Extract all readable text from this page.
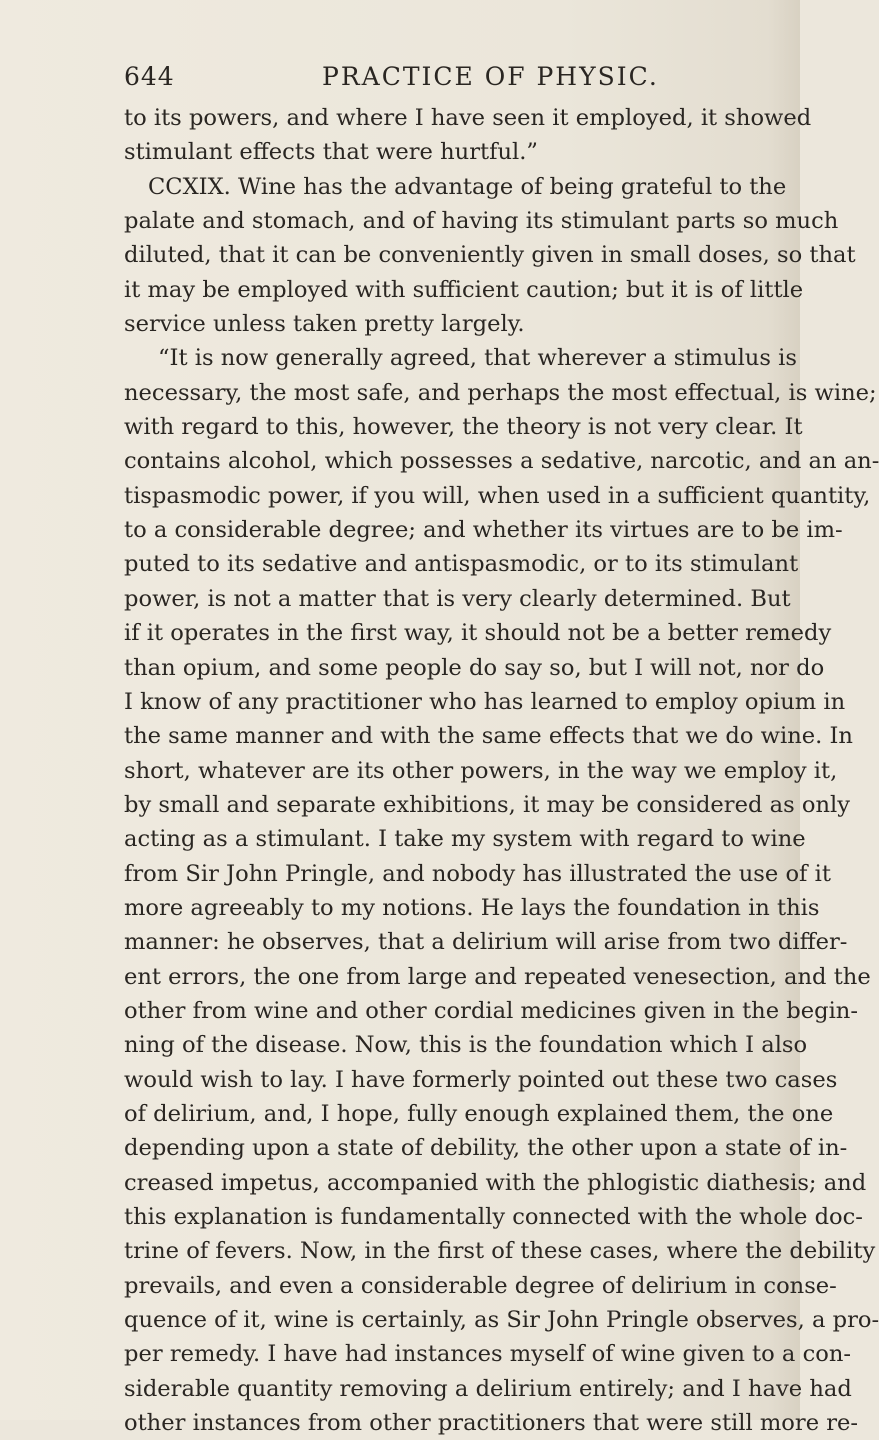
644	PRACTICE OF PHYSIC.
to its powers, and where I have seen it employed, it showed
stimulant effects that were hurtful.”
CCXIX. Wine has the advantage of being grateful to the
palate and stomach, and of having its stimulant parts so much
diluted, that it can be conveniently given in small doses, so that
it may be employed with sufficient caution; but it is of little
service unless taken pretty largely.
“It is now generally agreed, that wherever a stimulus is
necessary, the most safe, and perhaps the most effectual, is wine;
with regard to this, however, the theory is not very clear. It
contains alcohol, which possesses a sedative, narcotic, and an an-
tispasmodic power, if you will, when used in a sufficient quantity,
to a considerable degree; and whether its virtues are to be im-
puted to its sedative and antispasmodic, or to its stimulant
power, is not a matter that is very clearly determined. But
if it operates in the first way, it should not be a better remedy
than opium, and some people do say so, but I will not, nor do
I know of any practitioner who has learned to employ opium in
the same manner and with the same effects that we do wine. In
short, whatever are its other powers, in the way we employ it,
by small and separate exhibitions, it may be considered as only
acting as a stimulant. I take my system with regard to wine
from Sir John Pringle, and nobody has illustrated the use of it
more agreeably to my notions. He lays the foundation in this
manner: he observes, that a delirium will arise from two differ-
ent errors, the one from large and repeated venesection, and the
other from wine and other cordial medicines given in the begin-
ning of the disease. Now, this is the foundation which I also
would wish to lay. I have formerly pointed out these two cases
of delirium, and, I hope, fully enough explained them, the one
depending upon a state of debility, the other upon a state of in-
creased impetus, accompanied with the phlogistic diathesis; and
this explanation is fundamentally connected with the whole doc-
trine of fevers. Now, in the first of these cases, where the debility
prevails, and even a considerable degree of delirium in conse-
quence of it, wine is certainly, as Sir John Pringle observes, a pro-
per remedy. I have had instances myself of wine given to a con-
siderable quantity removing a delirium entirely; and I have had
other instances from other practitioners that were still more re-
